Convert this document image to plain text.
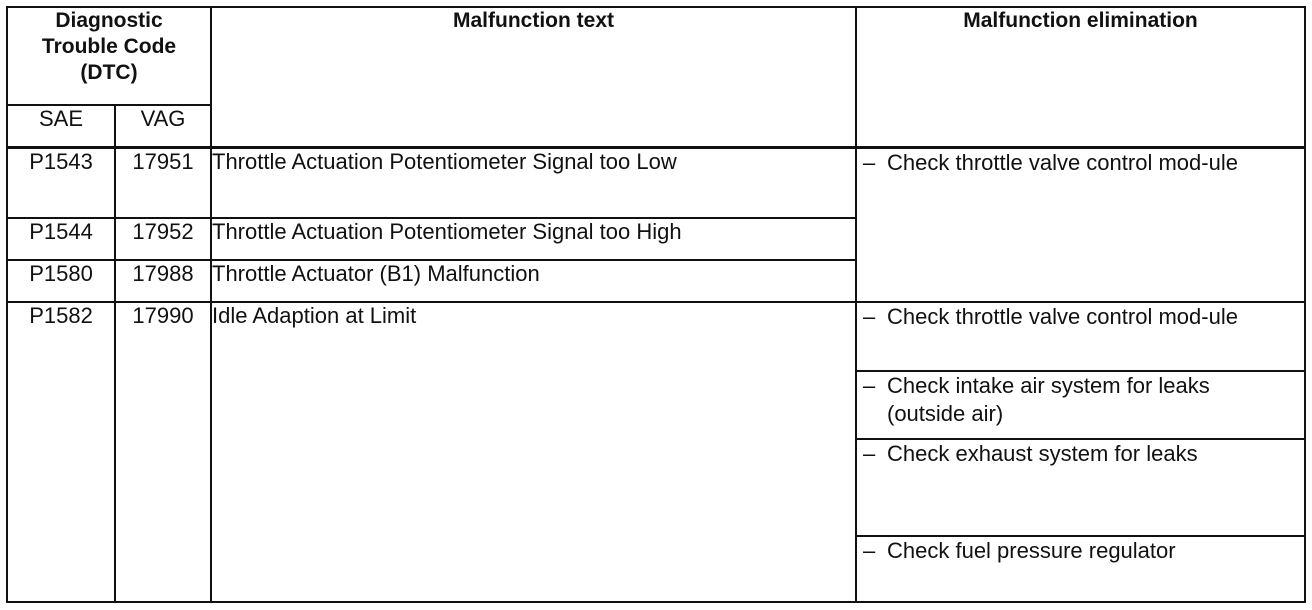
Diagnostic
Trouble Code
(DTC)		Malfunction text	Malfunction elimination
SAE	VAG		
P1543	17951	Throttle Actuation Potentiometer Signal too Low	– Check throttle valve control mod-ule

P1544	17952	Throttle Actuation Potentiometer Signal too High	
P1580	17988	Throttle Actuator (B1) Malfunction	
P1582	17990	Idle Adaption at Limit	– Check throttle valve control mod-ule

			– Check intake air system for leaks (outside air)

			– Check exhaust system for leaks

			– Check fuel pressure regulator
